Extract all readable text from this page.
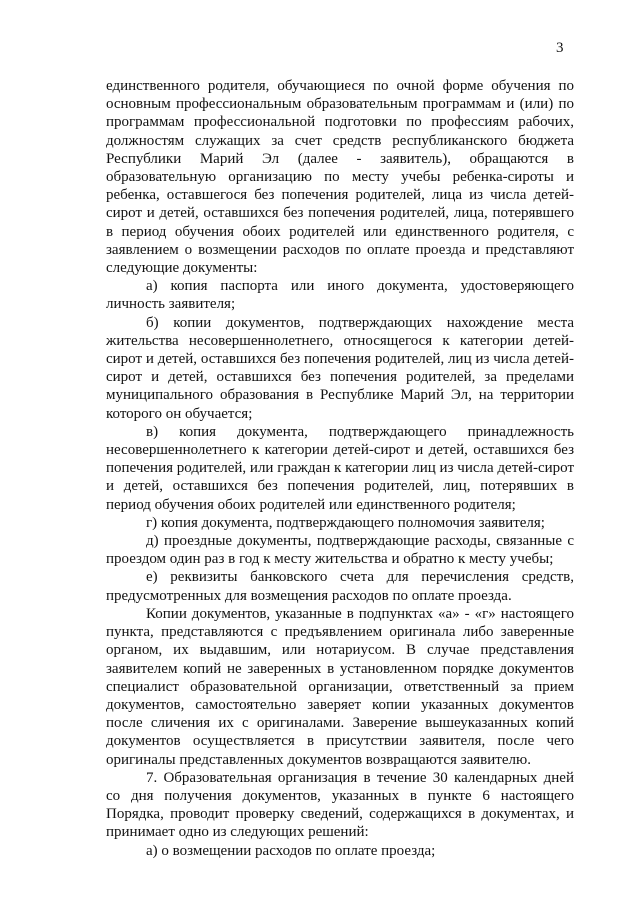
3

единственного родителя, обучающиеся по очной форме обучения по основным профессиональным образовательным программам и (или) по программам профессиональной подготовки по профессиям рабочих, должностям служащих за счет средств республиканского бюджета Республики Марий Эл (далее - заявитель), обращаются в образовательную организацию по месту учебы ребенка-сироты и ребенка, оставшегося без попечения родителей, лица из числа детей-сирот и детей, оставшихся без попечения родителей, лица, потерявшего в период обучения обоих родителей или единственного родителя, с заявлением о возмещении расходов по оплате проезда и представляют следующие документы:

а) копия паспорта или иного документа, удостоверяющего личность заявителя;

б) копии документов, подтверждающих нахождение места жительства несовершеннолетнего, относящегося к категории детей-сирот и детей, оставшихся без попечения родителей, лиц из числа детей-сирот и детей, оставшихся без попечения родителей, за пределами муниципального образования в Республике Марий Эл, на территории которого он обучается;

в) копия документа, подтверждающего принадлежность несовершеннолетнего к категории детей-сирот и детей, оставшихся без попечения родителей, или граждан к категории лиц из числа детей-сирот и детей, оставшихся без попечения родителей, лиц, потерявших в период обучения обоих родителей или единственного родителя;

г) копия документа, подтверждающего полномочия заявителя;

д) проездные документы, подтверждающие расходы, связанные с проездом один раз в год к месту жительства и обратно к месту учебы;

е) реквизиты банковского счета для перечисления средств, предусмотренных для возмещения расходов по оплате проезда.

Копии документов, указанные в подпунктах «а» - «г» настоящего пункта, представляются с предъявлением оригинала либо заверенные органом, их выдавшим, или нотариусом. В случае представления заявителем копий не заверенных в установленном порядке документов специалист образовательной организации, ответственный за прием документов, самостоятельно заверяет копии указанных документов после сличения их с оригиналами. Заверение вышеуказанных копий документов осуществляется в присутствии заявителя, после чего оригиналы представленных документов возвращаются заявителю.

7. Образовательная организация в течение 30 календарных дней со дня получения документов, указанных в пункте 6 настоящего Порядка, проводит проверку сведений, содержащихся в документах, и принимает одно из следующих решений:

а) о возмещении расходов по оплате проезда;
